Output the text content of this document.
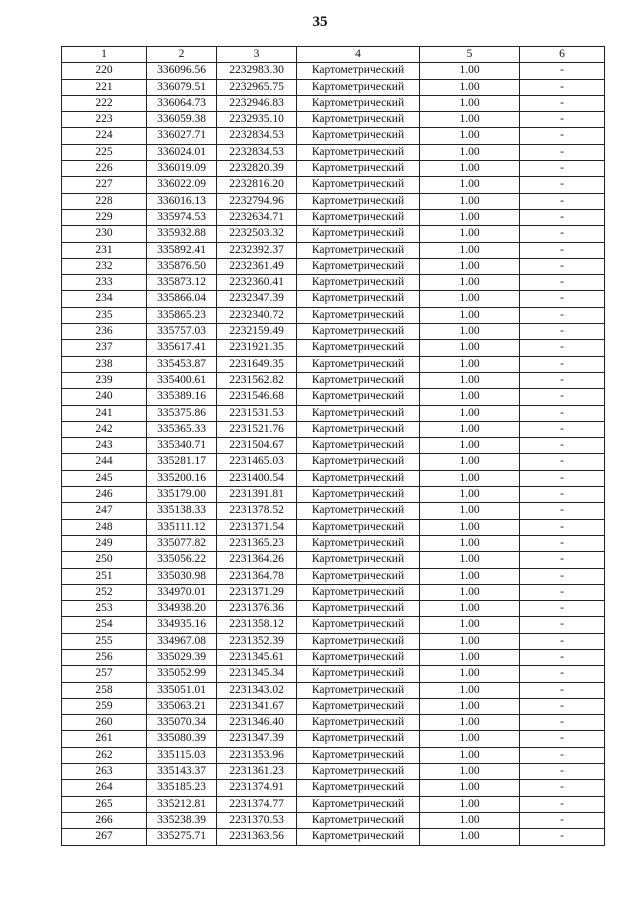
35
1	2	3	4	5	6
220	336096.56	2232983.30	Картометрический	1.00	-
221	336079.51	2232965.75	Картометрический	1.00	-
222	336064.73	2232946.83	Картометрический	1.00	-
223	336059.38	2232935.10	Картометрический	1.00	-
224	336027.71	2232834.53	Картометрический	1.00	-
225	336024.01	2232834.53	Картометрический	1.00	-
226	336019.09	2232820.39	Картометрический	1.00	-
227	336022.09	2232816.20	Картометрический	1.00	-
228	336016.13	2232794.96	Картометрический	1.00	-
229	335974.53	2232634.71	Картометрический	1.00	-
230	335932.88	2232503.32	Картометрический	1.00	-
231	335892.41	2232392.37	Картометрический	1.00	-
232	335876.50	2232361.49	Картометрический	1.00	-
233	335873.12	2232360.41	Картометрический	1.00	-
234	335866.04	2232347.39	Картометрический	1.00	-
235	335865.23	2232340.72	Картометрический	1.00	-
236	335757.03	2232159.49	Картометрический	1.00	-
237	335617.41	2231921.35	Картометрический	1.00	-
238	335453.87	2231649.35	Картометрический	1.00	-
239	335400.61	2231562.82	Картометрический	1.00	-
240	335389.16	2231546.68	Картометрический	1.00	-
241	335375.86	2231531.53	Картометрический	1.00	-
242	335365.33	2231521.76	Картометрический	1.00	-
243	335340.71	2231504.67	Картометрический	1.00	-
244	335281.17	2231465.03	Картометрический	1.00	-
245	335200.16	2231400.54	Картометрический	1.00	-
246	335179.00	2231391.81	Картометрический	1.00	-
247	335138.33	2231378.52	Картометрический	1.00	-
248	335111.12	2231371.54	Картометрический	1.00	-
249	335077.82	2231365.23	Картометрический	1.00	-
250	335056.22	2231364.26	Картометрический	1.00	-
251	335030.98	2231364.78	Картометрический	1.00	-
252	334970.01	2231371.29	Картометрический	1.00	-
253	334938.20	2231376.36	Картометрический	1.00	-
254	334935.16	2231358.12	Картометрический	1.00	-
255	334967.08	2231352.39	Картометрический	1.00	-
256	335029.39	2231345.61	Картометрический	1.00	-
257	335052.99	2231345.34	Картометрический	1.00	-
258	335051.01	2231343.02	Картометрический	1.00	-
259	335063.21	2231341.67	Картометрический	1.00	-
260	335070.34	2231346.40	Картометрический	1.00	-
261	335080.39	2231347.39	Картометрический	1.00	-
262	335115.03	2231353.96	Картометрический	1.00	-
263	335143.37	2231361.23	Картометрический	1.00	-
264	335185.23	2231374.91	Картометрический	1.00	-
265	335212.81	2231374.77	Картометрический	1.00	-
266	335238.39	2231370.53	Картометрический	1.00	-
267	335275.71	2231363.56	Картометрический	1.00	-
